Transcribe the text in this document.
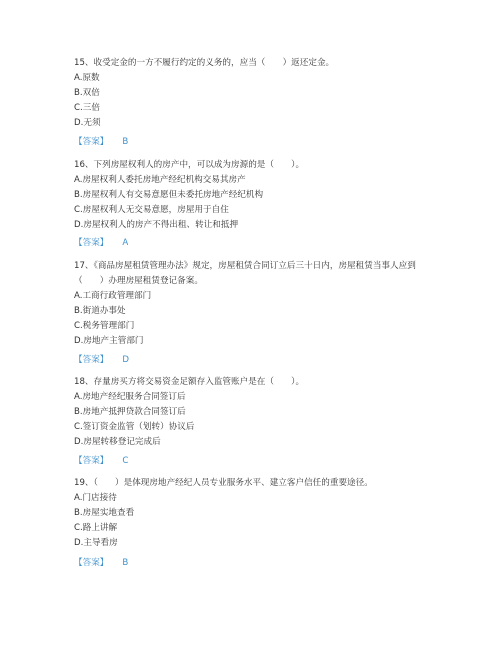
15、收受定金的一方不履行约定的义务的，应当（　　）返还定金。

A.原数

B.双倍

C.三倍

D.无须

【答案】 B

16、下列房屋权利人的房产中，可以成为房源的是（　　）。

A.房屋权利人委托房地产经纪机构交易其房产

B.房屋权利人有交易意愿但未委托房地产经纪机构

C.房屋权利人无交易意愿，房屋用于自住

D.房屋权利人的房产不得出租、转让和抵押

【答案】 A

17、《商品房屋租赁管理办法》规定，房屋租赁合同订立后三十日内，房屋租赁当事人应到（　　）办理房屋租赁登记备案。

A.工商行政管理部门

B.街道办事处

C.税务管理部门

D.房地产主管部门

【答案】 D

18、存量房买方将交易资金足额存入监管账户是在（　　）。

A.房地产经纪服务合同签订后

B.房地产抵押贷款合同签订后

C.签订资金监管（划转）协议后

D.房屋转移登记完成后

【答案】 C

19、（　　）是体现房地产经纪人员专业服务水平、建立客户信任的重要途径。

A.门店接待

B.房屋实地查看

C.路上讲解

D.主导看房

【答案】 B
